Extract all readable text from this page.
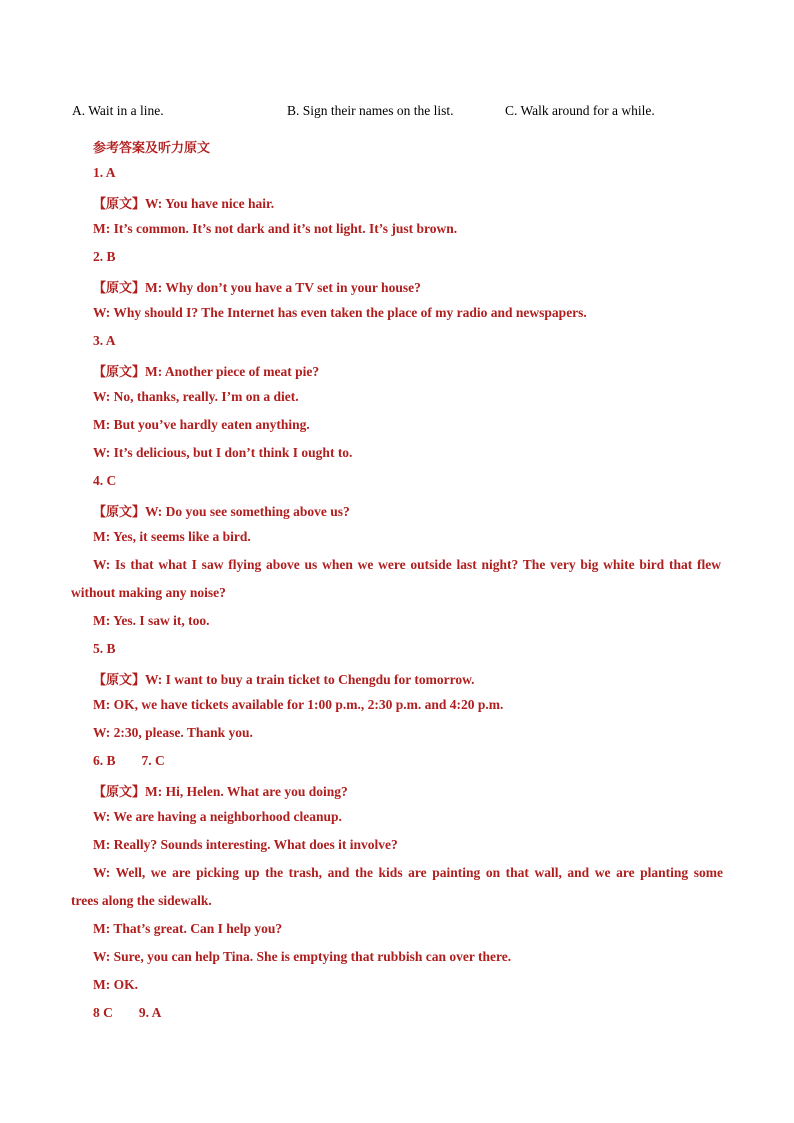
A. Wait in a line.	B. Sign their names on the list.	C. Walk around for a while.
参考答案及听力原文
1. A
【原文】W: You have nice hair.
M: It’s common. It’s not dark and it’s not light. It’s just brown.
2. B
【原文】M: Why don’t you have a TV set in your house?
W: Why should I? The Internet has even taken the place of my radio and newspapers.
3. A
【原文】M: Another piece of meat pie?
W: No, thanks, really. I’m on a diet.
M: But you’ve hardly eaten anything.
W: It’s delicious, but I don’t think I ought to.
4. C
【原文】W: Do you see something above us?
M: Yes, it seems like a bird.
W: Is that what I saw flying above us when we were outside last night? The very big white bird that flew
without making any noise?
M: Yes. I saw it, too.
5. B
【原文】W: I want to buy a train ticket to Chengdu for tomorrow.
M: OK, we have tickets available for 1:00 p.m., 2:30 p.m. and 4:20 p.m.
W: 2:30, please. Thank you.
6. B 7. C
【原文】M: Hi, Helen. What are you doing?
W: We are having a neighborhood cleanup.
M: Really? Sounds interesting. What does it involve?
W: Well, we are picking up the trash, and the kids are painting on that wall, and we are planting some
trees along the sidewalk.
M: That’s great. Can I help you?
W: Sure, you can help Tina. She is emptying that rubbish can over there.
M: OK.
8 C 9. A
